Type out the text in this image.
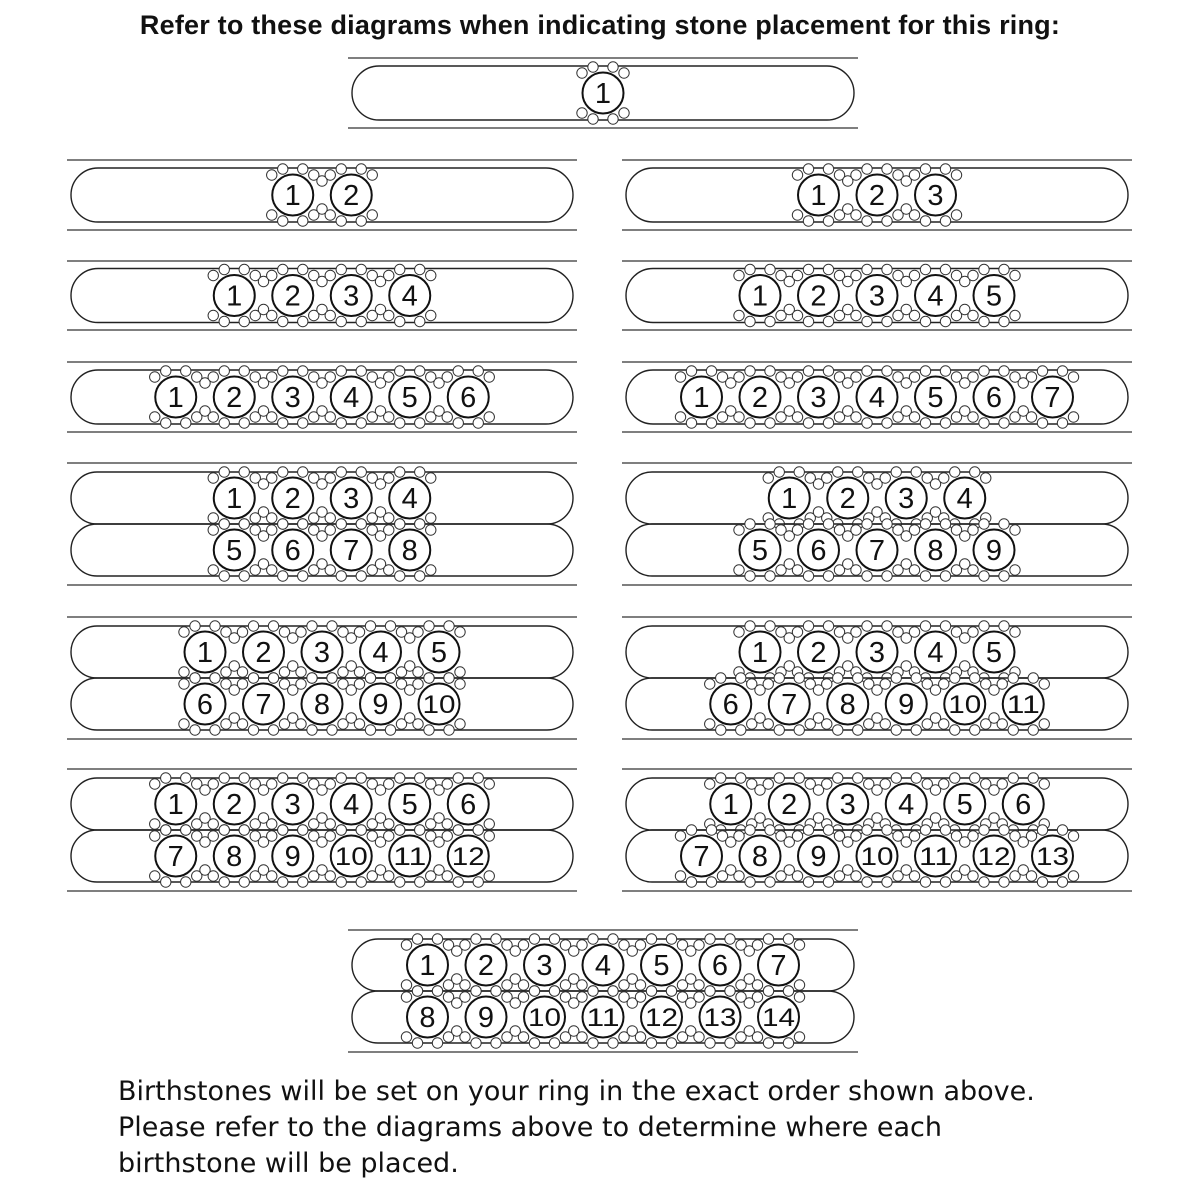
Refer to these diagrams when indicating stone placement for this ring:
1
1 2	1 2 3
1 2 3 4	1 2 3 4 5
1 2 3 4 5 6	1 2 3 4 5 6 7
1 2 3 4
5 6 7 8
1 2 3 4
5 6 7 8 9
1 2 3 4 5
6 7 8 9 10
1 2 3 4 5
6 7 8 9 10 11
1 2 3 4 5 6
7 8 9 10 11 12
1 2 3 4 5 6
7 8 9 10 11 12 13
1 2 3 4 5 6 7
8 9 10 11 12 13 14
Birthstones will be set on your ring in the exact order shown above.
Please refer to the diagrams above to determine where each
birthstone will be placed.
